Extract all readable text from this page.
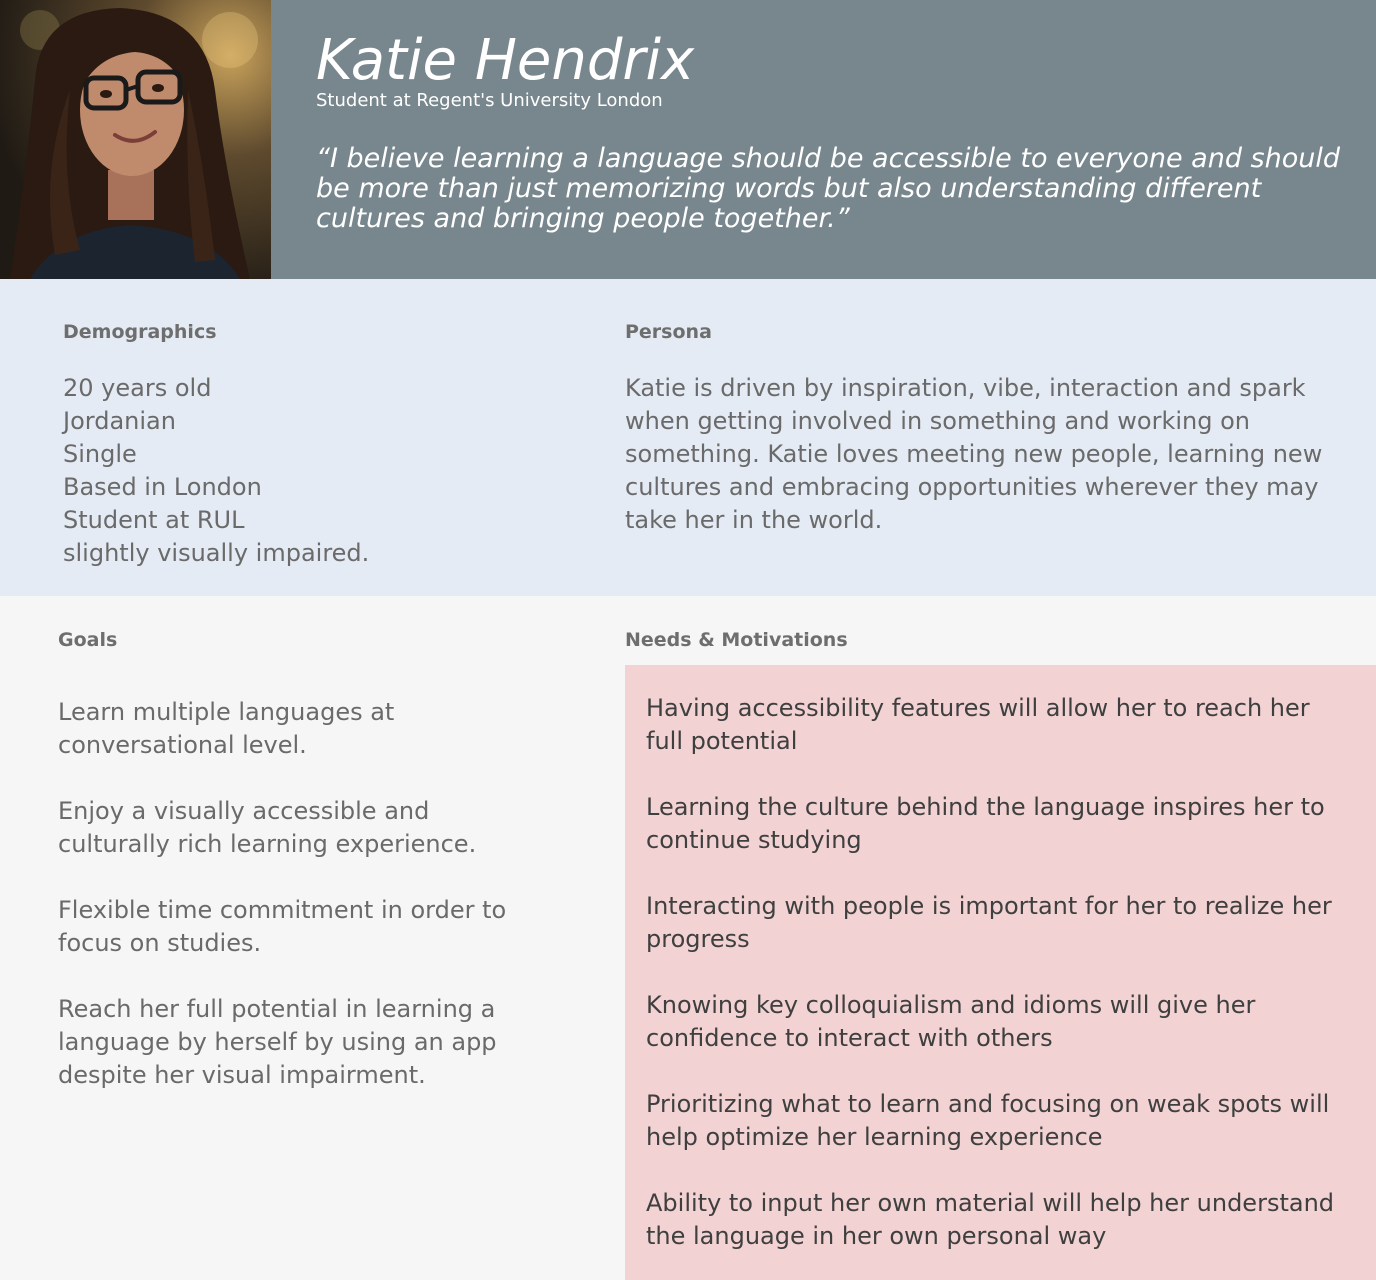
Katie Hendrix
Student at Regent's University London
“I believe learning a language should be accessible to everyone and should be more than just memorizing words but also understanding different cultures and bringing people together.”
Demographics
20 years old
Jordanian
Single
Based in London
Student at RUL
slightly visually impaired.
Persona
Katie is driven by inspiration, vibe, interaction and spark when getting involved in something and working on something. Katie loves meeting new people, learning new cultures and embracing opportunities wherever they may take her in the world.
Goals
Learn multiple languages at conversational level.
Enjoy a visually accessible and culturally rich learning experience.
Flexible time commitment in order to focus on studies.
Reach her full potential in learning a language by herself by using an app despite her visual impairment.
Needs & Motivations
Having accessibility features will allow her to reach her full potential
Learning the culture behind the language inspires her to continue studying
Interacting with people is important for her to realize her progress
Knowing key colloquialism and idioms will give her confidence to interact with others
Prioritizing what to learn and focusing on weak spots will help optimize her learning experience
Ability to input her own material will help her understand the language in her own personal way
